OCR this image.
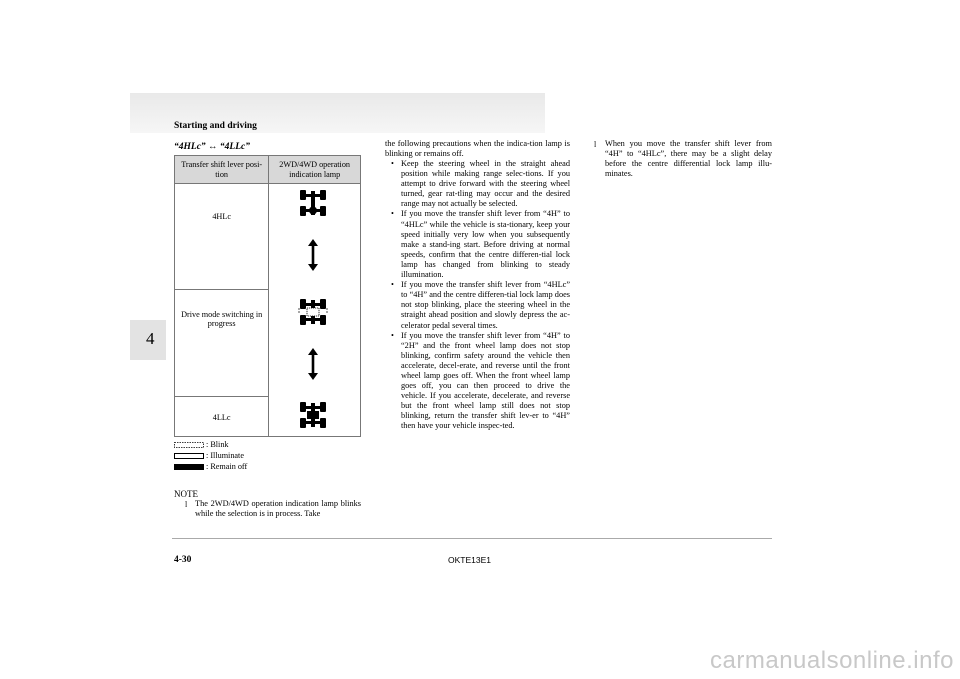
Starting and driving
4
“4HLc” ↔ “4LLc”
Transfer shift lever posi-tion	2WD/4WD operation indication lamp

4HLc

Drive mode switching in progress	

4LLc	
: Blink
: Illuminate
: Remain off
NOTE
l The 2WD/4WD operation indication lamp blinks while the selection is in process. Take
the following precautions when the indica-tion lamp is blinking or remains off.
• Keep the steering wheel in the straight ahead position while making range selec-tions. If you attempt to drive forward with the steering wheel turned, gear rat-tling may occur and the desired range may not actually be selected.
• If you move the transfer shift lever from “4H” to “4HLc” while the vehicle is sta-tionary, keep your speed initially very low when you subsequently make a stand-ing start. Before driving at normal speeds, confirm that the centre differen-tial lock lamp has changed from blinking to steady illumination.
• If you move the transfer shift lever from “4HLc” to “4H” and the centre differen-tial lock lamp does not stop blinking, place the steering wheel in the straight ahead position and slowly depress the ac-celerator pedal several times.
• If you move the transfer shift lever from “4H” to “2H” and the front wheel lamp does not stop blinking, confirm safety around the vehicle then accelerate, decel-erate, and reverse until the front wheel lamp goes off. When the front wheel lamp goes off, you can then proceed to drive the vehicle. If you accelerate, decelerate, and reverse but the front wheel lamp still does not stop blinking, return the transfer shift lev-er to “4H” then have your vehicle inspec-ted.
l When you move the transfer shift lever from “4H” to “4HLc”, there may be a slight delay before the centre differential lock lamp illu-minates.
4-30	OKTE13E1
carmanualsonline.info
